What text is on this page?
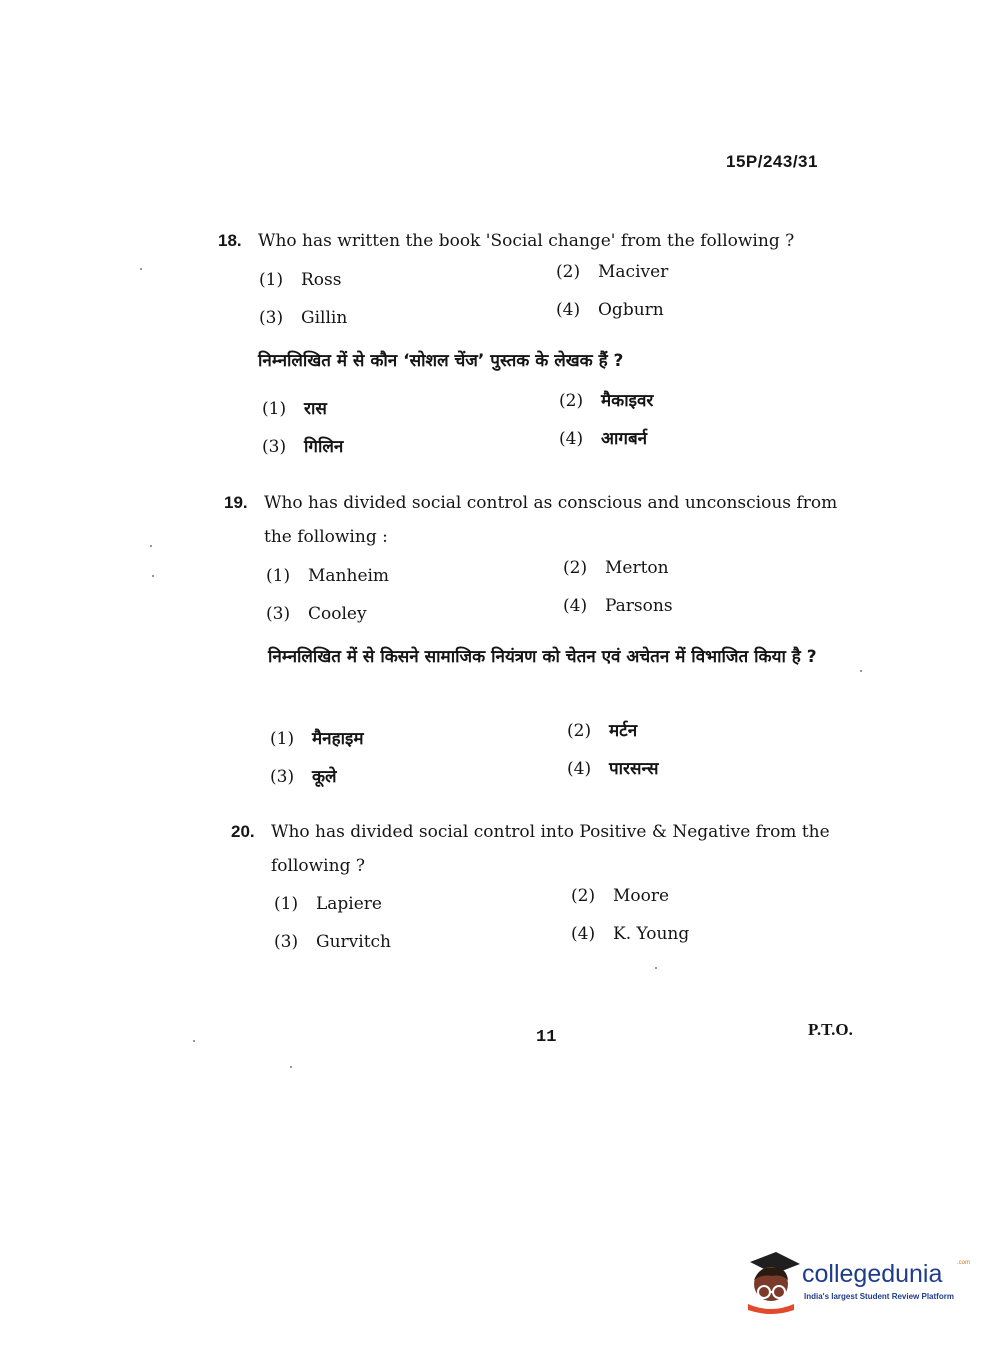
15P/243/31
18. Who has written the book 'Social change' from the following ?
(1) Ross	(2) Maciver
(3) Gillin	(4) Ogburn
निम्नलिखित में से कौन ‘सोशल चेंज’ पुस्तक के लेखक हैं ?
(1) रास	(2) मैकाइवर
(3) गिलिन	(4) आगबर्न
19. Who has divided social control as conscious and unconscious from the following :
(1) Manheim	(2) Merton
(3) Cooley	(4) Parsons
निम्नलिखित में से किसने सामाजिक नियंत्रण को चेतन एवं अचेतन में विभाजित किया है ?
(1) मैनहाइम	(2) मर्टन
(3) कूले	(4) पारसन्स
20. Who has divided social control into Positive & Negative from the following ?
(1) Lapiere	(2) Moore
(3) Gurvitch	(4) K. Young
11	P.T.O.
collegedunia .com
India's largest Student Review Platform
